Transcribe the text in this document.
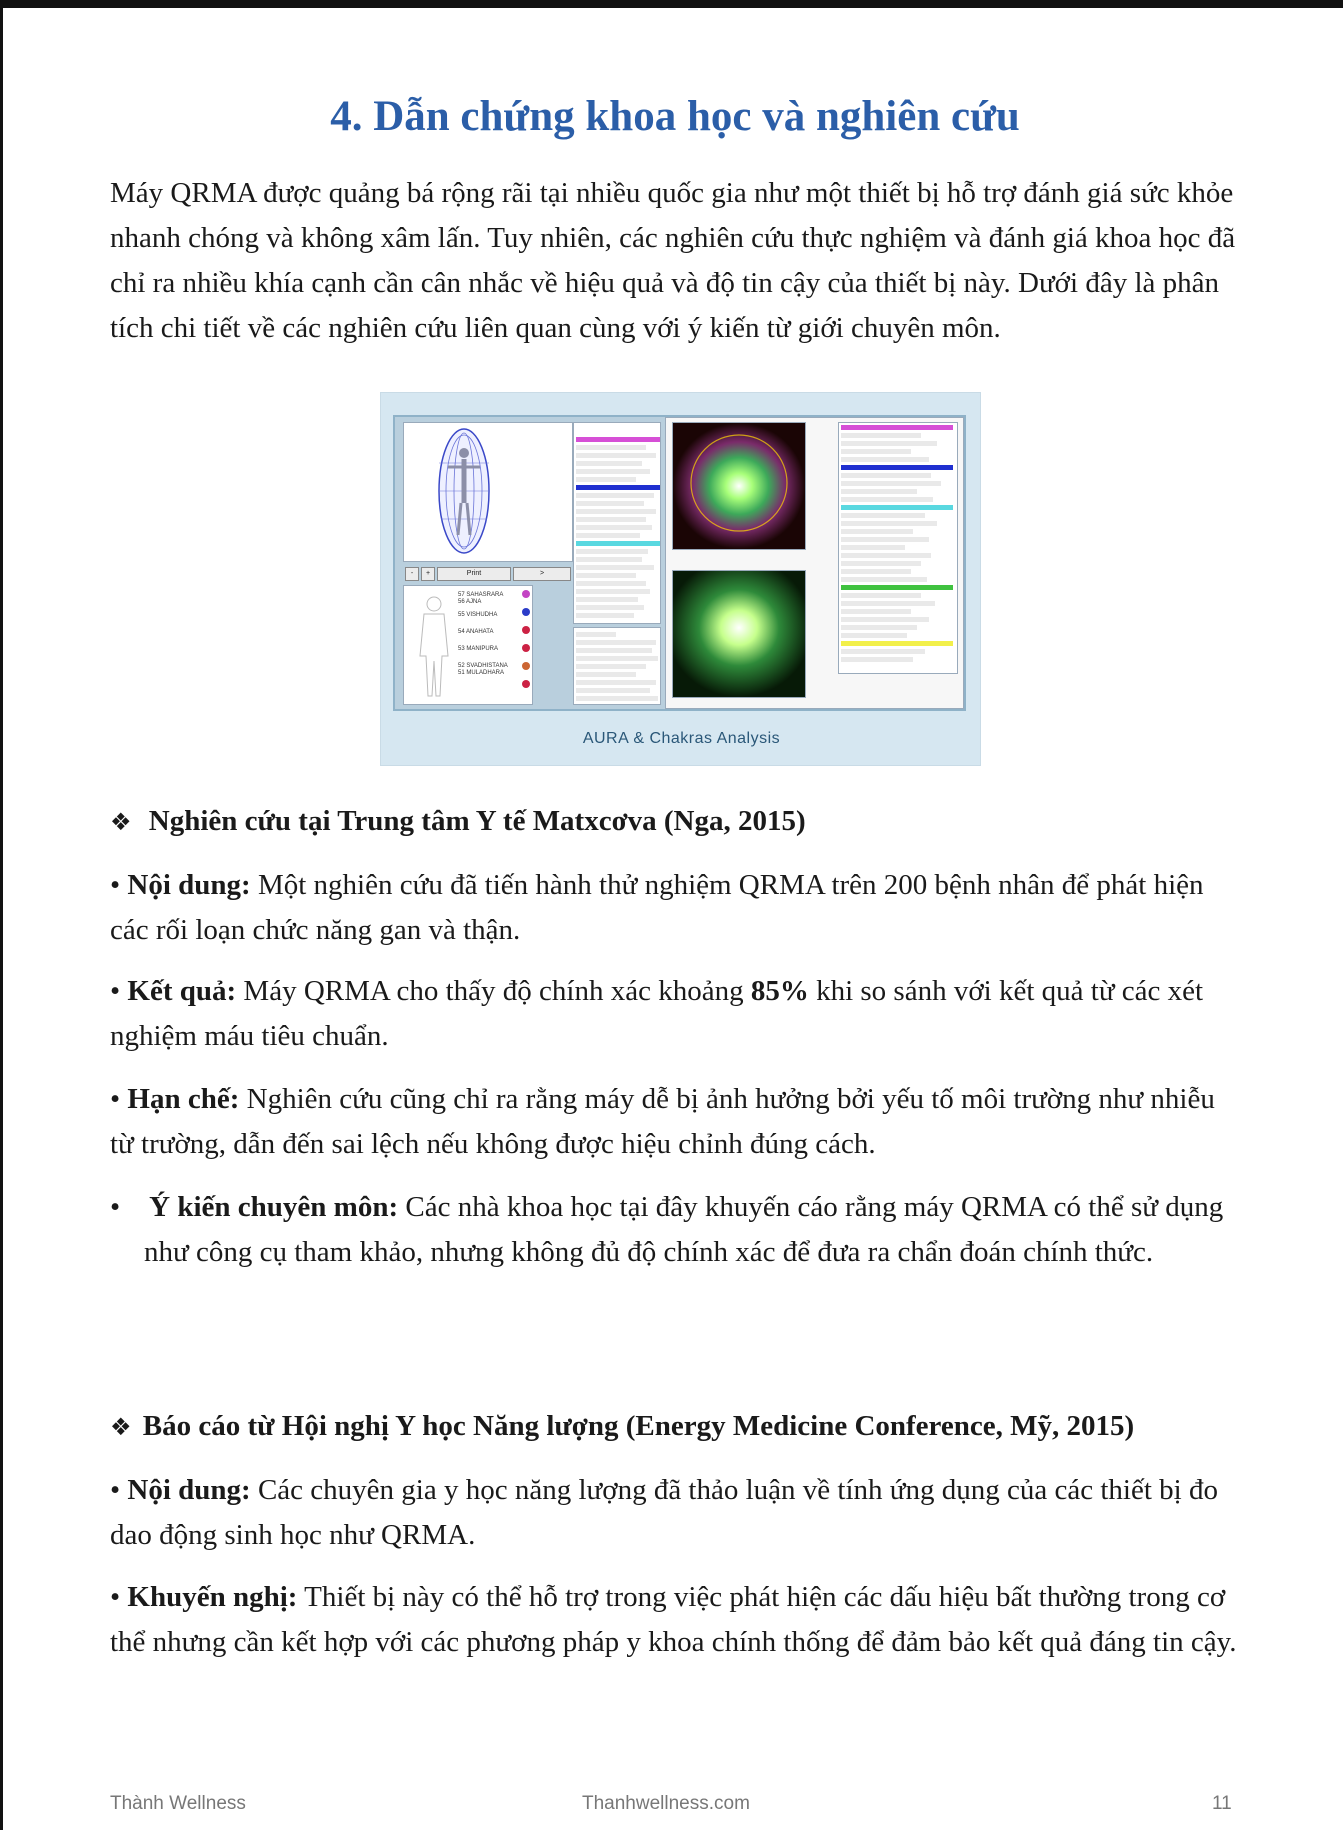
4. Dẫn chứng khoa học và nghiên cứu

Máy QRMA được quảng bá rộng rãi tại nhiều quốc gia như một thiết bị hỗ trợ đánh giá sức khỏe nhanh chóng và không xâm lấn. Tuy nhiên, các nghiên cứu thực nghiệm và đánh giá khoa học đã chỉ ra nhiều khía cạnh cần cân nhắc về hiệu quả và độ tin cậy của thiết bị này. Dưới đây là phân tích chi tiết về các nghiên cứu liên quan cùng với ý kiến từ giới chuyên môn.

-	+	Print	>
57 SAHASRARA
56 AJNA
55 VISHUDHA
54 ANAHATA
53 MANIPURA
52 SVADHISTANA
51 MULADHARA
AURA & Chakras Analysis

❖ Nghiên cứu tại Trung tâm Y tế Matxcơva (Nga, 2015)

• Nội dung: Một nghiên cứu đã tiến hành thử nghiệm QRMA trên 200 bệnh nhân để phát hiện các rối loạn chức năng gan và thận.

• Kết quả: Máy QRMA cho thấy độ chính xác khoảng 85% khi so sánh với kết quả từ các xét nghiệm máu tiêu chuẩn.

• Hạn chế: Nghiên cứu cũng chỉ ra rằng máy dễ bị ảnh hưởng bởi yếu tố môi trường như nhiễu từ trường, dẫn đến sai lệch nếu không được hiệu chỉnh đúng cách.

•    Ý kiến chuyên môn: Các nhà khoa học tại đây khuyến cáo rằng máy QRMA có thể sử dụng như công cụ tham khảo, nhưng không đủ độ chính xác để đưa ra chẩn đoán chính thức.

❖ Báo cáo từ Hội nghị Y học Năng lượng (Energy Medicine Conference, Mỹ, 2015)

• Nội dung: Các chuyên gia y học năng lượng đã thảo luận về tính ứng dụng của các thiết bị đo dao động sinh học như QRMA.

• Khuyến nghị: Thiết bị này có thể hỗ trợ trong việc phát hiện các dấu hiệu bất thường trong cơ thể nhưng cần kết hợp với các phương pháp y khoa chính thống để đảm bảo kết quả đáng tin cậy.

Thành Wellness	Thanhwellness.com	11
